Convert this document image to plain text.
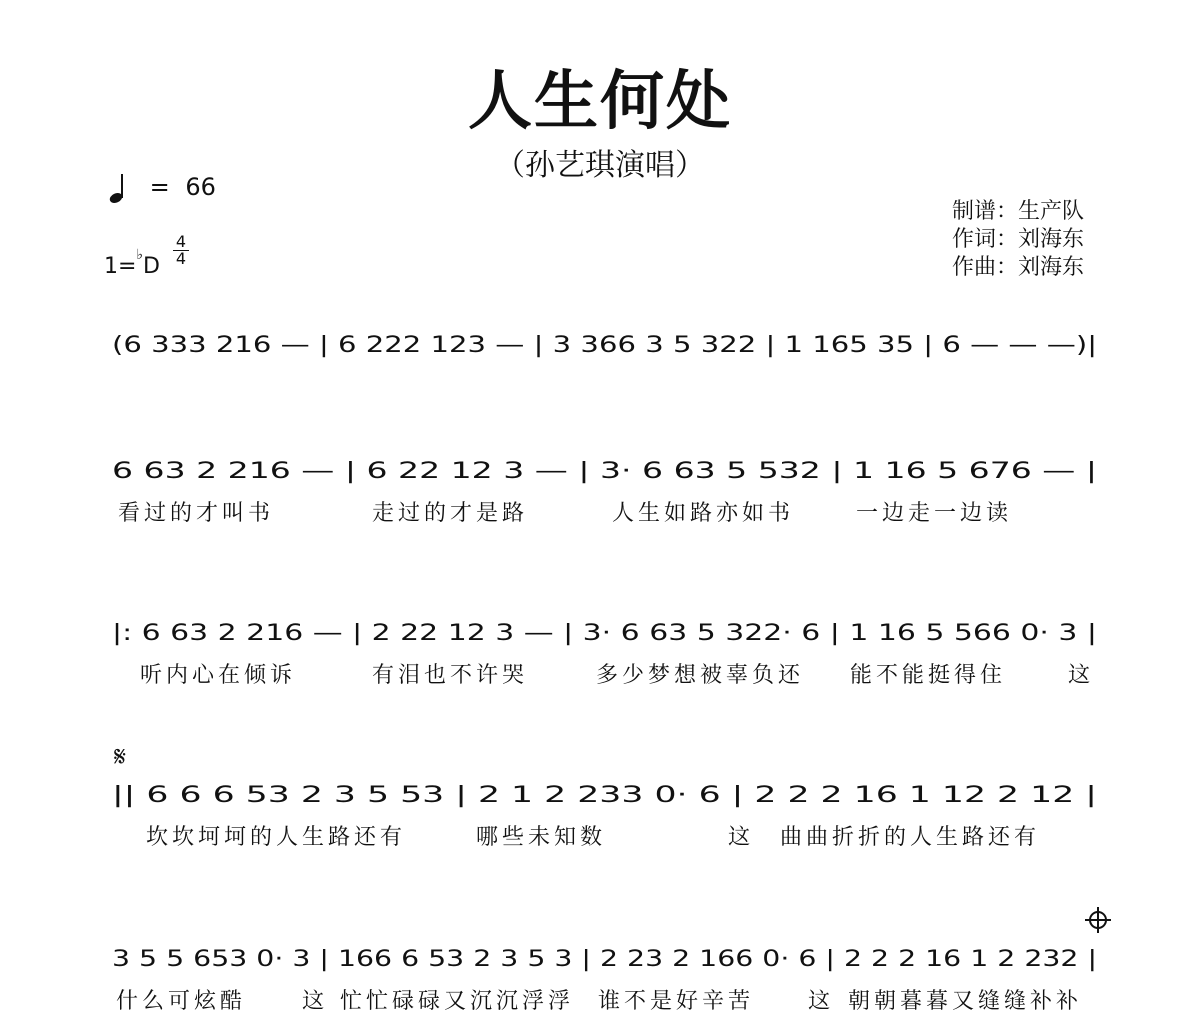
人生何处
（孙艺琪演唱）
= 66
1=♭D
4
4
制谱：生产队
作词：刘海东
作曲：刘海东
𝄋
(6 333 216 — | 6 222 123 — | 3 366 3 5 322 | 1 165 35 | 6 — — —)|
6 63 2 216 — | 6 22 12 3 — | 3· 6 63 5 532 | 1 16 5 676 — |
看过的才叫书	走过的才是路	人生如路亦如书	一边走一边读
|: 6 63 2 216 — | 2 22 12 3 — | 3· 6 63 5 322· 6 | 1 16 5 566 0· 3 |
听内心在倾诉	有泪也不许哭	多少梦想被辜负还 能不能挺得住	这
|| 6 6 6 53 2 3 5 53 | 2 1 2 233 0· 6 | 2 2 2 16 1 12 2 12 |
坎坎坷坷的人生路还有	哪些未知数	这 曲曲折折的人生路还有
3 5 5 653 0· 3 | 166 6 53 2 3 5 3 | 2 23 2 166 0· 6 | 2 2 2 16 1 2 232 |
什么可炫酷	这 忙忙碌碌又沉沉浮浮 谁不是好辛苦 这 朝朝暮暮又缝缝补补
